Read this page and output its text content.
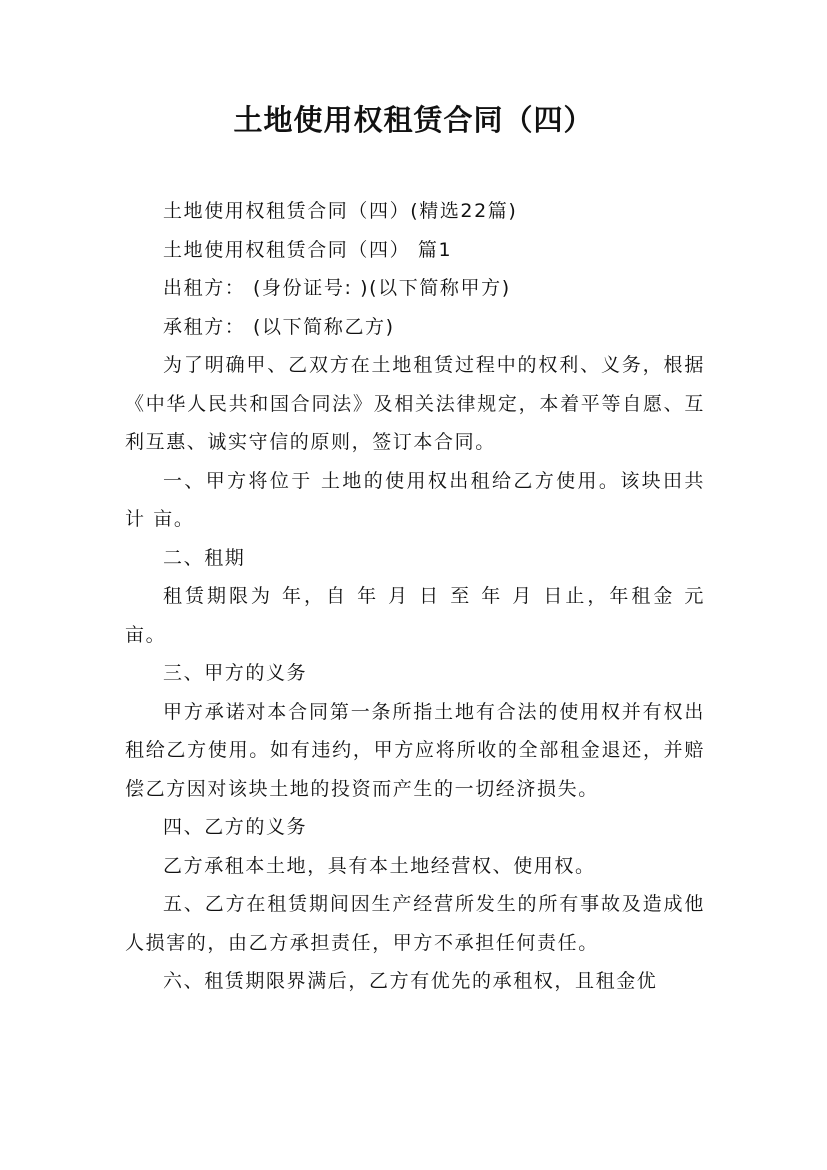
土地使用权租赁合同（四）

土地使用权租赁合同（四）(精选22篇)

土地使用权租赁合同（四） 篇1

出租方： (身份证号: )(以下简称甲方)

承租方： (以下简称乙方)

为了明确甲、乙双方在土地租赁过程中的权利、义务，根据《中华人民共和国合同法》及相关法律规定，本着平等自愿、互利互惠、诚实守信的原则，签订本合同。

一、甲方将位于 土地的使用权出租给乙方使用。该块田共计 亩。

二、租期

租赁期限为 年，自 年 月 日 至 年 月 日止，年租金 元亩。

三、甲方的义务

甲方承诺对本合同第一条所指土地有合法的使用权并有权出租给乙方使用。如有违约，甲方应将所收的全部租金退还，并赔偿乙方因对该块土地的投资而产生的一切经济损失。

四、乙方的义务

乙方承租本土地，具有本土地经营权、使用权。

五、乙方在租赁期间因生产经营所发生的所有事故及造成他人损害的，由乙方承担责任，甲方不承担任何责任。

六、租赁期限界满后，乙方有优先的承租权，且租金优
